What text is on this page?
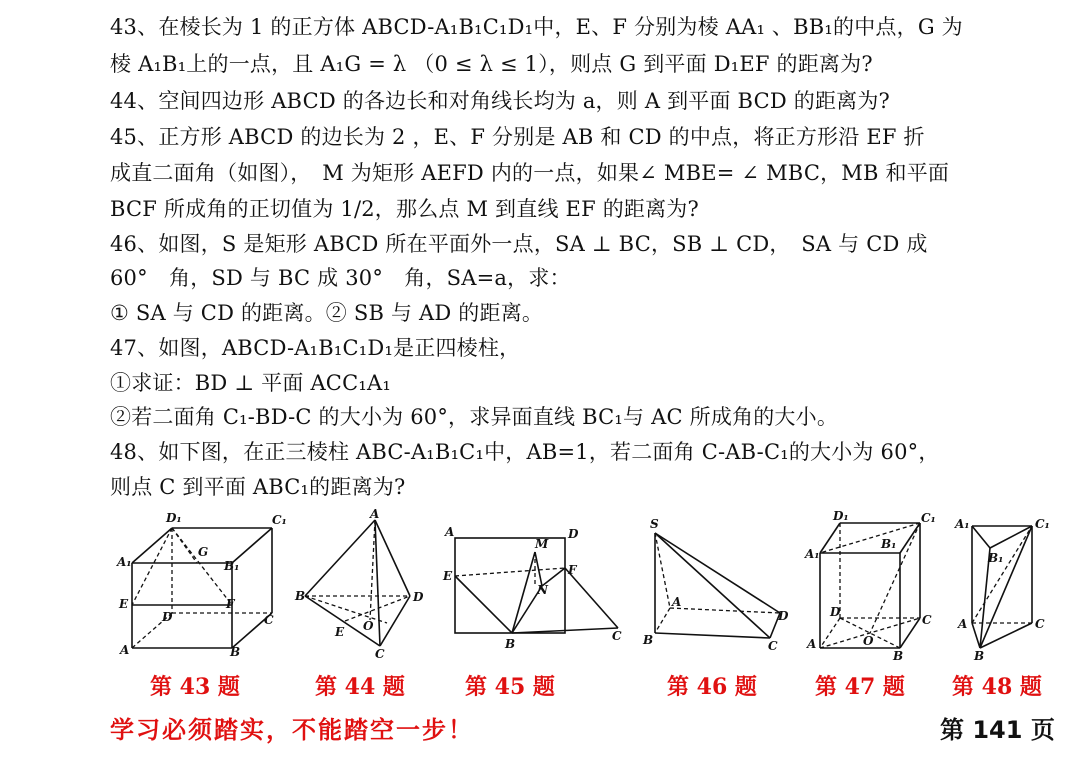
43、在棱长为 1 的正方体 ABCD-A₁B₁C₁D₁中，E、F 分别为棱 AA₁ 、BB₁的中点，G 为
棱 A₁B₁上的一点，且 A₁G = λ （0 ≤ λ ≤ 1），则点 G 到平面 D₁EF 的距离为?
44、空间四边形 ABCD 的各边长和对角线长均为 a，则 A 到平面 BCD 的距离为?
45、正方形 ABCD 的边长为 2 ，E、F 分别是 AB 和 CD 的中点，将正方形沿 EF 折
成直二面角（如图），　M 为矩形 AEFD 内的一点，如果∠ MBE= ∠ MBC，MB 和平面
BCF 所成角的正切值为 1/2，那么点 M 到直线 EF 的距离为?
46、如图，S 是矩形 ABCD 所在平面外一点，SA ⊥ BC，SB ⊥ CD，　SA 与 CD 成
60°　角，SD 与 BC 成 30°　角，SA=a，求：
① SA 与 CD 的距离。② SB 与 AD 的距离。
47、如图，ABCD-A₁B₁C₁D₁是正四棱柱，
①求证：BD ⊥ 平面 ACC₁A₁
②若二面角 C₁-BD-C 的大小为 60°，求异面直线 BC₁与 AC 所成角的大小。
48、如下图，在正三棱柱 ABC-A₁B₁C₁中，AB=1，若二面角 C-AB-C₁的大小为 60°，
则点 C 到平面 ABC₁的距离为?
D₁	C₁
A₁
G
B₁
E	F
D	C
A	B
A
B	D
E O
C
A	D
M
E
N
F
B
C
S
A
D
B	C
D₁	C₁
A₁
B₁
D
C
A	O
B
A₁	C₁
B₁
A	C
B
第 43 题	第 44 题	第 45 题	第 46 题	第 47 题 第 48 题
学习必须踏实，不能踏空一步！	第 141 页
